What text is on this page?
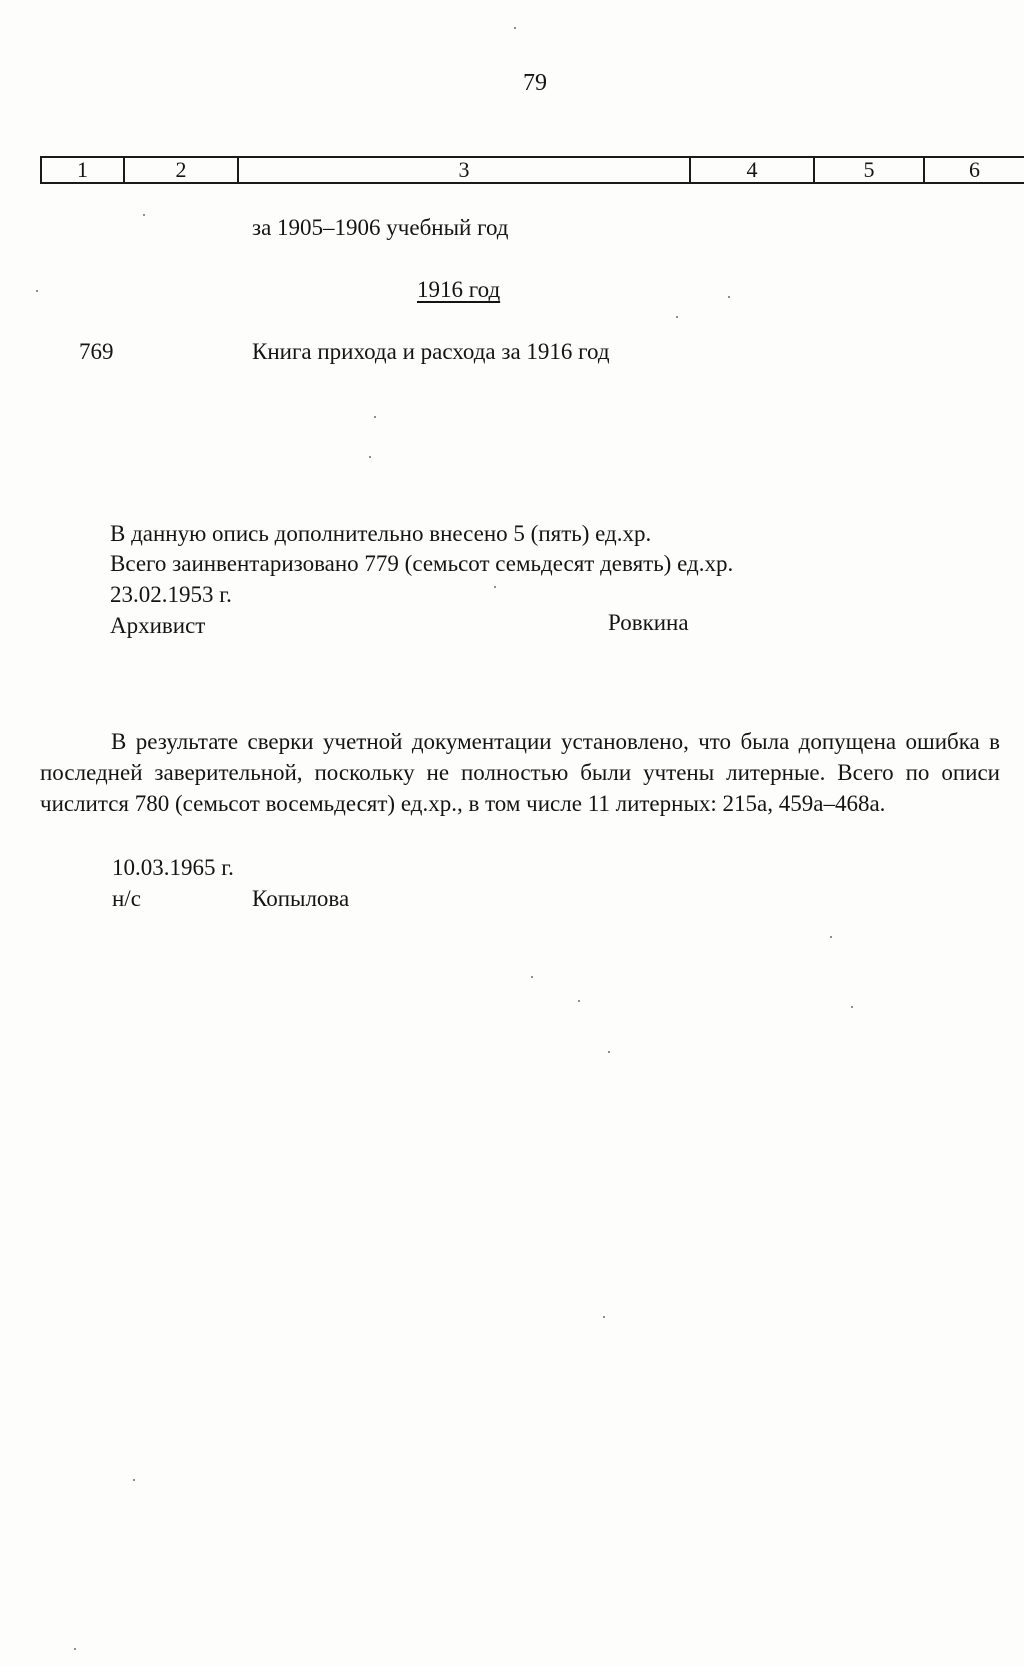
79
1	2	3	4	5	6
за 1905–1906 учебный год
1916 год
769	Книга прихода и расхода за 1916 год
В данную опись дополнительно внесено 5 (пять) ед.хр.
Всего заинвентаризовано 779 (семьсот семьдесят девять) ед.хр.
23.02.1953 г.
Архивист	Ровкина
В результате сверки учетной документации установлено, что была допущена ошибка в последней заверительной, поскольку не полностью были учтены литерные. Всего по описи числится 780 (семьсот восемьдесят) ед.хр., в том числе 11 литерных: 215а, 459а–468а.
10.03.1965 г.
н/с	Копылова
